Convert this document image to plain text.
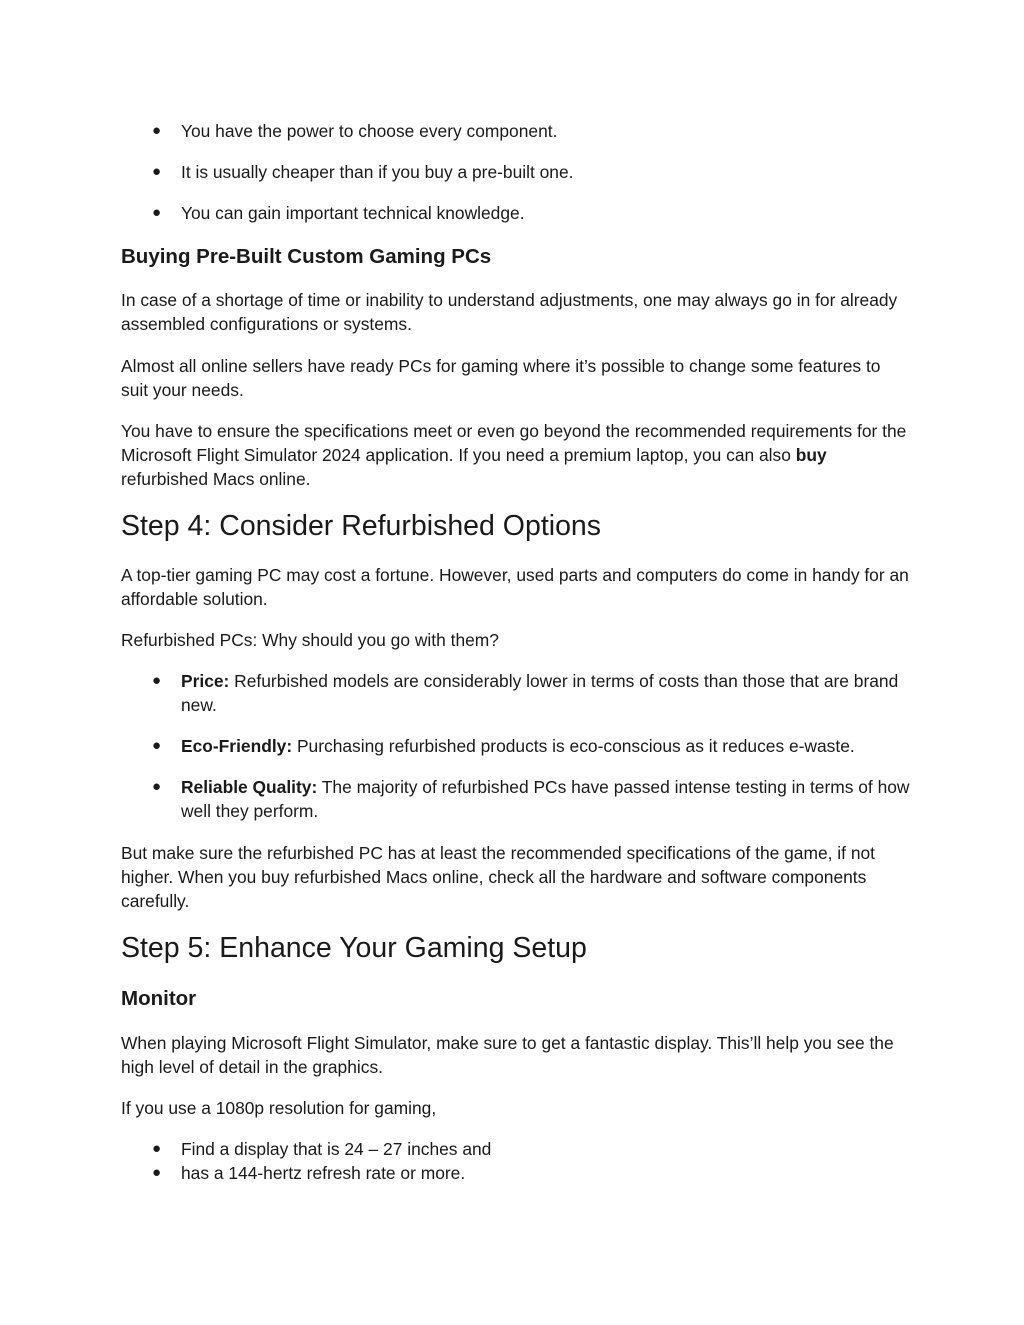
● You have the power to choose every component.
● It is usually cheaper than if you buy a pre-built one.
● You can gain important technical knowledge.
Buying Pre-Built Custom Gaming PCs

In case of a shortage of time or inability to understand adjustments, one may always go in for already assembled configurations or systems.

Almost all online sellers have ready PCs for gaming where it’s possible to change some features to suit your needs.

You have to ensure the specifications meet or even go beyond the recommended requirements for the Microsoft Flight Simulator 2024 application. If you need a premium laptop, you can also buy refurbished Macs online.

Step 4: Consider Refurbished Options

A top-tier gaming PC may cost a fortune. However, used parts and computers do come in handy for an affordable solution.

Refurbished PCs: Why should you go with them?

● Price: Refurbished models are considerably lower in terms of costs than those that are brand new.
● Eco-Friendly: Purchasing refurbished products is eco-conscious as it reduces e-waste.
● Reliable Quality: The majority of refurbished PCs have passed intense testing in terms of how well they perform.

But make sure the refurbished PC has at least the recommended specifications of the game, if not higher. When you buy refurbished Macs online, check all the hardware and software components carefully.

Step 5: Enhance Your Gaming Setup
Monitor

When playing Microsoft Flight Simulator, make sure to get a fantastic display. This’ll help you see the high level of detail in the graphics.

If you use a 1080p resolution for gaming,

● Find a display that is 24 – 27 inches and
● has a 144-hertz refresh rate or more.
